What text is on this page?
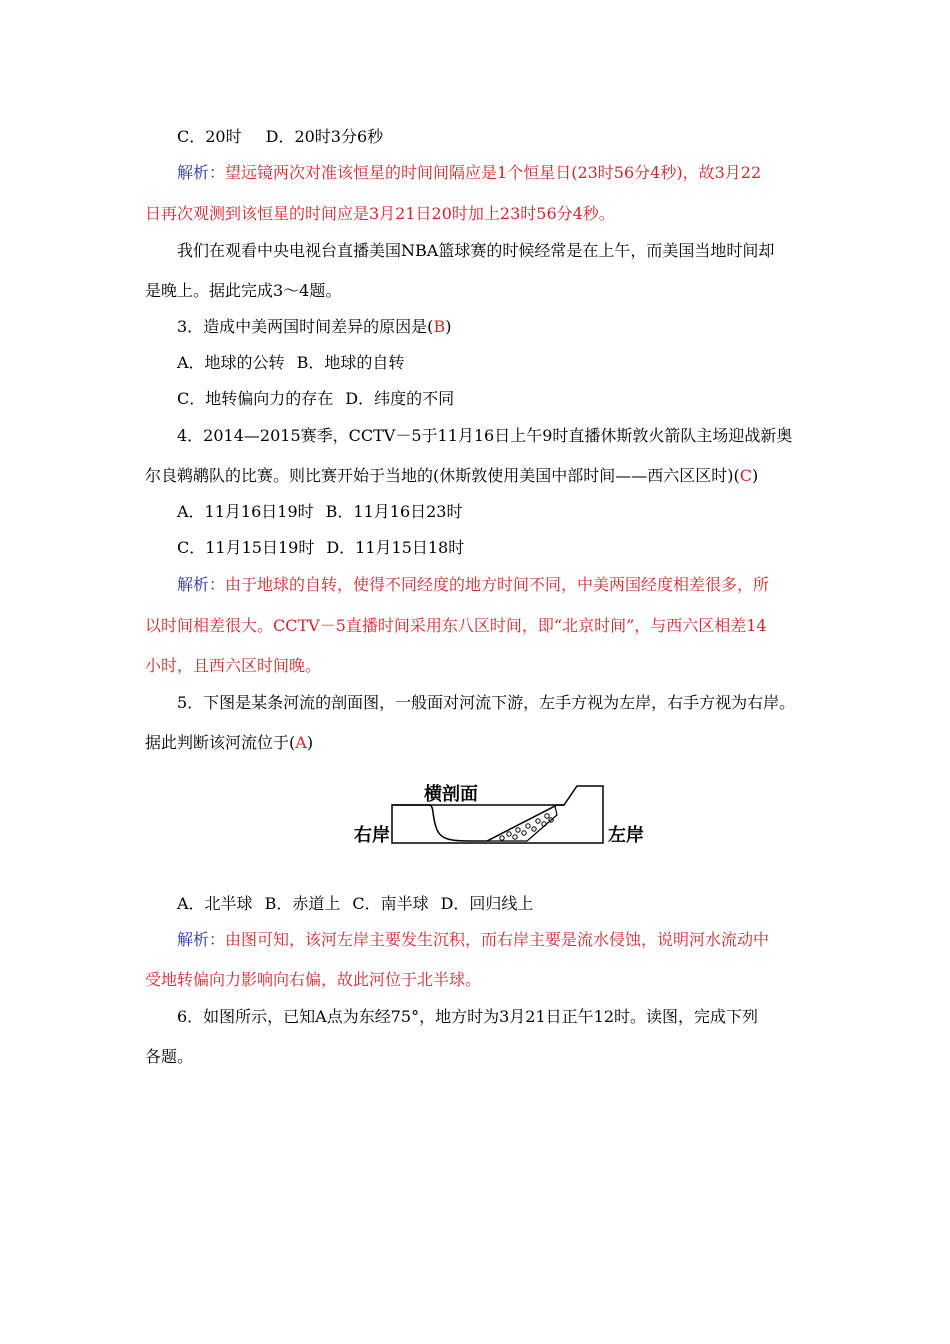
C．20时 D．20时3分6秒
解析：望远镜两次对准该恒星的时间间隔应是1个恒星日(23时56分4秒)，故3月22
日再次观测到该恒星的时间应是3月21日20时加上23时56分4秒。
我们在观看中央电视台直播美国NBA篮球赛的时候经常是在上午，而美国当地时间却
是晚上。据此完成3～4题。
3．造成中美两国时间差异的原因是(B)
A．地球的公转 B．地球的自转
C．地转偏向力的存在 D．纬度的不同
4．2014—2015赛季，CCTV－5于11月16日上午9时直播休斯敦火箭队主场迎战新奥
尔良鹈鹕队的比赛。则比赛开始于当地的(休斯敦使用美国中部时间——西六区区时)(C)
A．11月16日19时 B．11月16日23时
C．11月15日19时 D．11月15日18时
解析：由于地球的自转，使得不同经度的地方时间不同，中美两国经度相差很多，所
以时间相差很大。CCTV－5直播时间采用东八区时间，即“北京时间”，与西六区相差14
小时，且西六区时间晚。
5．下图是某条河流的剖面图，一般面对河流下游，左手方视为左岸，右手方视为右岸。
据此判断该河流位于(A)
横剖面
右岸	左岸
A．北半球 B．赤道上 C．南半球 D．回归线上
解析：由图可知，该河左岸主要发生沉积，而右岸主要是流水侵蚀，说明河水流动中
受地转偏向力影响向右偏，故此河位于北半球。
6．如图所示，已知A点为东经75°，地方时为3月21日正午12时。读图，完成下列
各题。
